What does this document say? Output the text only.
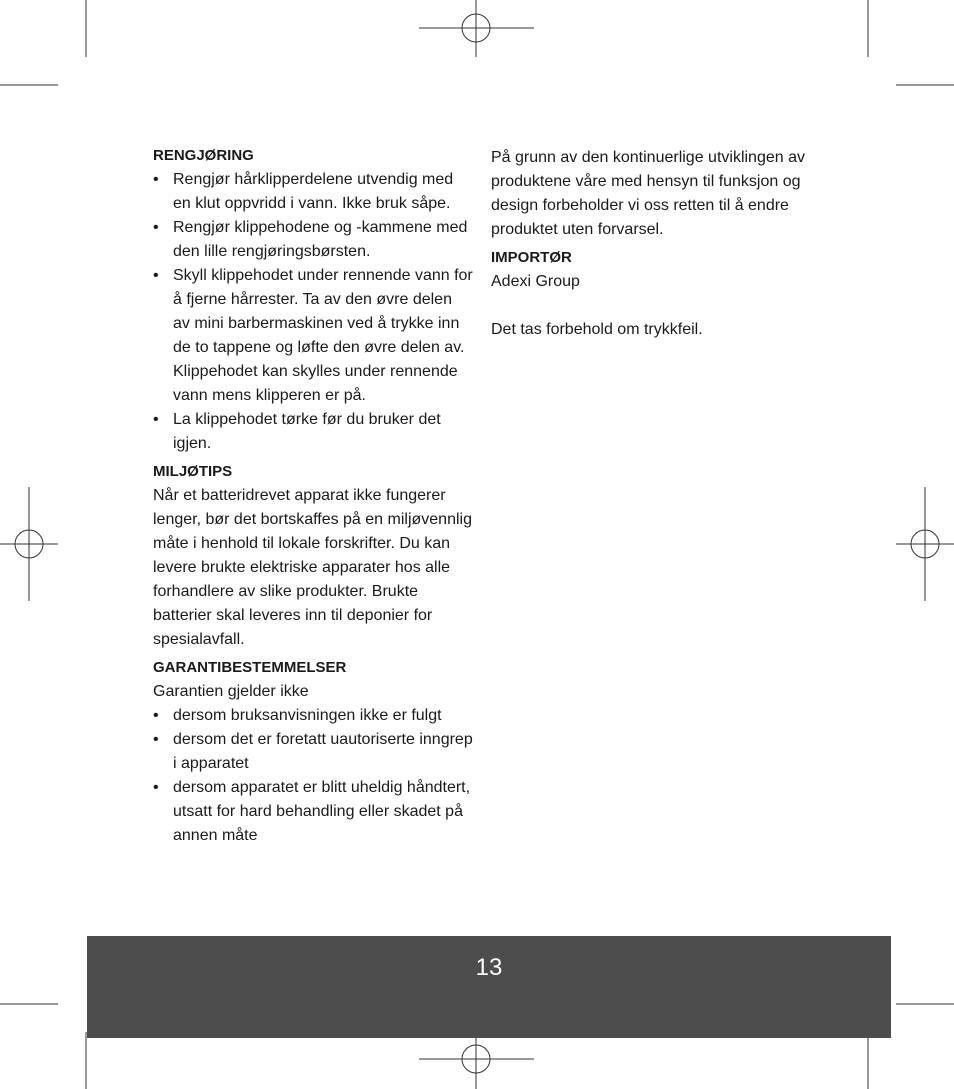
RENGJØRING
• Rengjør hårklipperdelene utvendig med en klut oppvridd i vann. Ikke bruk såpe.
• Rengjør klippehodene og -kammene med den lille rengjøringsbørsten.
• Skyll klippehodet under rennende vann for å fjerne hårrester. Ta av den øvre delen av mini barbermaskinen ved å trykke inn de to tappene og løfte den øvre delen av. Klippehodet kan skylles under rennende vann mens klipperen er på.
• La klippehodet tørke før du bruker det igjen.
MILJØTIPS

Når et batteridrevet apparat ikke fungerer lenger, bør det bortskaffes på en miljøvennlig måte i henhold til lokale forskrifter. Du kan levere brukte elektriske apparater hos alle forhandlere av slike produkter. Brukte batterier skal leveres inn til deponier for spesialavfall.

GARANTIBESTEMMELSER

Garantien gjelder ikke

• dersom bruksanvisningen ikke er fulgt
• dersom det er foretatt uautoriserte inngrep i apparatet
• dersom apparatet er blitt uheldig håndtert, utsatt for hard behandling eller skadet på annen måte

På grunn av den kontinuerlige utviklingen av produktene våre med hensyn til funksjon og design forbeholder vi oss retten til å endre produktet uten forvarsel.

IMPORTØR

Adexi Group

Det tas forbehold om trykkfeil.

13
